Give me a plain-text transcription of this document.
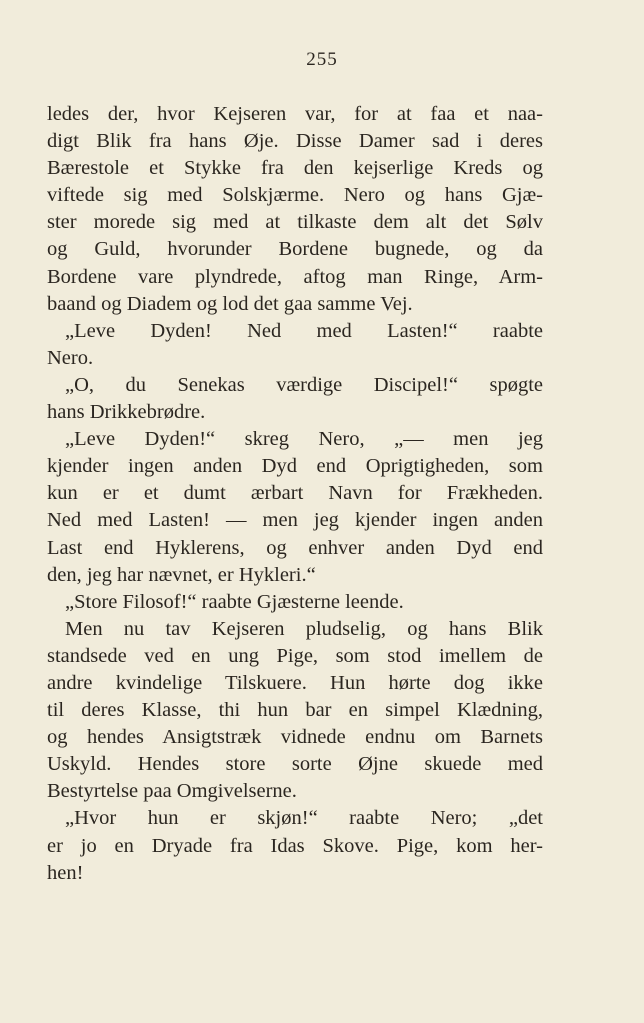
255
ledes der, hvor Kejseren var, for at faa et naa-
digt Blik fra hans Øje. Disse Damer sad i deres
Bærestole et Stykke fra den kejserlige Kreds og
viftede sig med Solskjærme. Nero og hans Gjæ-
ster morede sig med at tilkaste dem alt det Sølv
og Guld, hvorunder Bordene bugnede, og da
Bordene vare plyndrede, aftog man Ringe, Arm-
baand og Diadem og lod det gaa samme Vej.
„Leve Dyden! Ned med Lasten!“ raabte
Nero.
„O, du Senekas værdige Discipel!“ spøgte
hans Drikkebrødre.
„Leve Dyden!“ skreg Nero, „— men jeg
kjender ingen anden Dyd end Oprigtigheden, som
kun er et dumt ærbart Navn for Frækheden.
Ned med Lasten! — men jeg kjender ingen anden
Last end Hyklerens, og enhver anden Dyd end
den, jeg har nævnet, er Hykleri.“
„Store Filosof!“ raabte Gjæsterne leende.
Men nu tav Kejseren pludselig, og hans Blik
standsede ved en ung Pige, som stod imellem de
andre kvindelige Tilskuere. Hun hørte dog ikke
til deres Klasse, thi hun bar en simpel Klædning,
og hendes Ansigtstræk vidnede endnu om Barnets
Uskyld. Hendes store sorte Øjne skuede med
Bestyrtelse paa Omgivelserne.
„Hvor hun er skjøn!“ raabte Nero; „det
er jo en Dryade fra Idas Skove. Pige, kom her-
hen!
